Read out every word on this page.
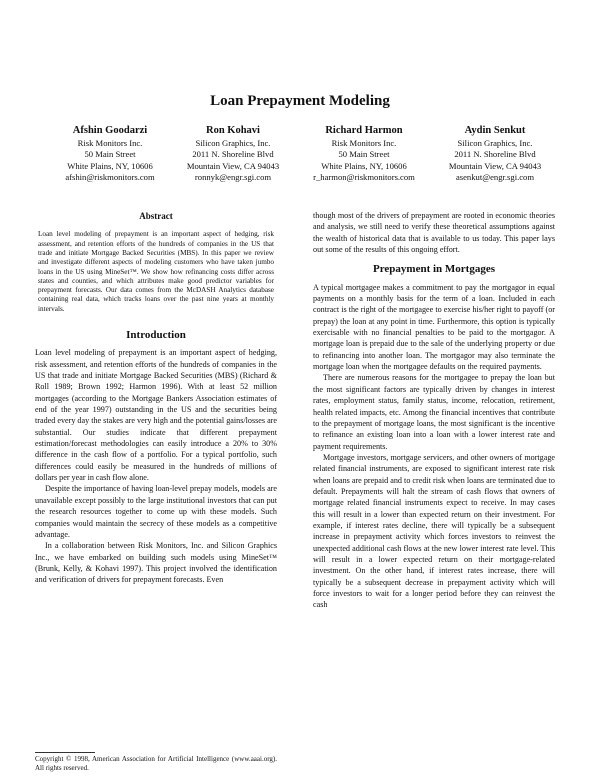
Loan Prepayment Modeling
Afshin Goodarzi
Risk Monitors Inc.
50 Main Street
White Plains, NY, 10606
afshin@riskmonitors.com
Ron Kohavi
Silicon Graphics, Inc.
2011 N. Shoreline Blvd
Mountain View, CA 94043
ronnyk@engr.sgi.com
Richard Harmon
Risk Monitors Inc.
50 Main Street
White Plains, NY, 10606
r_harmon@riskmonitors.com
Aydin Senkut
Silicon Graphics, Inc.
2011 N. Shoreline Blvd
Mountain View, CA 94043
asenkut@engr.sgi.com
Abstract
Loan level modeling of prepayment is an important aspect of hedging, risk assessment, and retention efforts of the hundreds of companies in the US that trade and initiate Mortgage Backed Securities (MBS). In this paper we review and investigate different aspects of modeling customers who have taken jumbo loans in the US using MineSet™. We show how refinancing costs differ across states and counties, and which attributes make good predictor variables for prepayment forecasts. Our data comes from the McDASH Analytics database containing real data, which tracks loans over the past nine years at monthly intervals.
Introduction

Loan level modeling of prepayment is an important aspect of hedging, risk assessment, and retention efforts of the hundreds of companies in the US that trade and initiate Mortgage Backed Securities (MBS) (Richard & Roll 1989; Brown 1992; Harmon 1996). With at least 52 million mortgages (according to the Mortgage Bankers Association estimates of end of the year 1997) outstanding in the US and the securities being traded every day the stakes are very high and the potential gains/losses are substantial. Our studies indicate that different prepayment estimation/forecast methodologies can easily introduce a 20% to 30% difference in the cash flow of a portfolio. For a typical portfolio, such differences could easily be measured in the hundreds of millions of dollars per year in cash flow alone.

Despite the importance of having loan-level prepay models, models are unavailable except possibly to the large institutional investors that can put the research resources together to come up with these models. Such companies would maintain the secrecy of these models as a competitive advantage.

In a collaboration between Risk Monitors, Inc. and Silicon Graphics Inc., we have embarked on building such models using MineSet™ (Brunk, Kelly, & Kohavi 1997). This project involved the identification and verification of drivers for prepayment forecasts. Even

though most of the drivers of prepayment are rooted in economic theories and analysis, we still need to verify these theoretical assumptions against the wealth of historical data that is available to us today. This paper lays out some of the results of this ongoing effort.

Prepayment in Mortgages

A typical mortgagee makes a commitment to pay the mortgagor in equal payments on a monthly basis for the term of a loan. Included in each contract is the right of the mortgagee to exercise his/her right to payoff (or prepay) the loan at any point in time. Furthermore, this option is typically exercisable with no financial penalties to be paid to the mortgagor. A mortgage loan is prepaid due to the sale of the underlying property or due to refinancing into another loan. The mortgagor may also terminate the mortgage loan when the mortgagee defaults on the required payments.

There are numerous reasons for the mortgagee to prepay the loan but the most significant factors are typically driven by changes in interest rates, employment status, family status, income, relocation, retirement, health related impacts, etc. Among the financial incentives that contribute to the prepayment of mortgage loans, the most significant is the incentive to refinance an existing loan into a loan with a lower interest rate and payment requirements.

Mortgage investors, mortgage servicers, and other owners of mortgage related financial instruments, are exposed to significant interest rate risk when loans are prepaid and to credit risk when loans are terminated due to default. Prepayments will halt the stream of cash flows that owners of mortgage related financial instruments expect to receive. In may cases this will result in a lower than expected return on their investment. For example, if interest rates decline, there will typically be a subsequent increase in prepayment activity which forces investors to reinvest the unexpected additional cash flows at the new lower interest rate level. This will result in a lower expected return on their mortgage-related investment. On the other hand, if interest rates increase, there will typically be a subsequent decrease in prepayment activity which will force investors to wait for a longer period before they can reinvest the cash

Copyright © 1998, American Association for Artificial Intelligence (www.aaai.org). All rights reserved.
